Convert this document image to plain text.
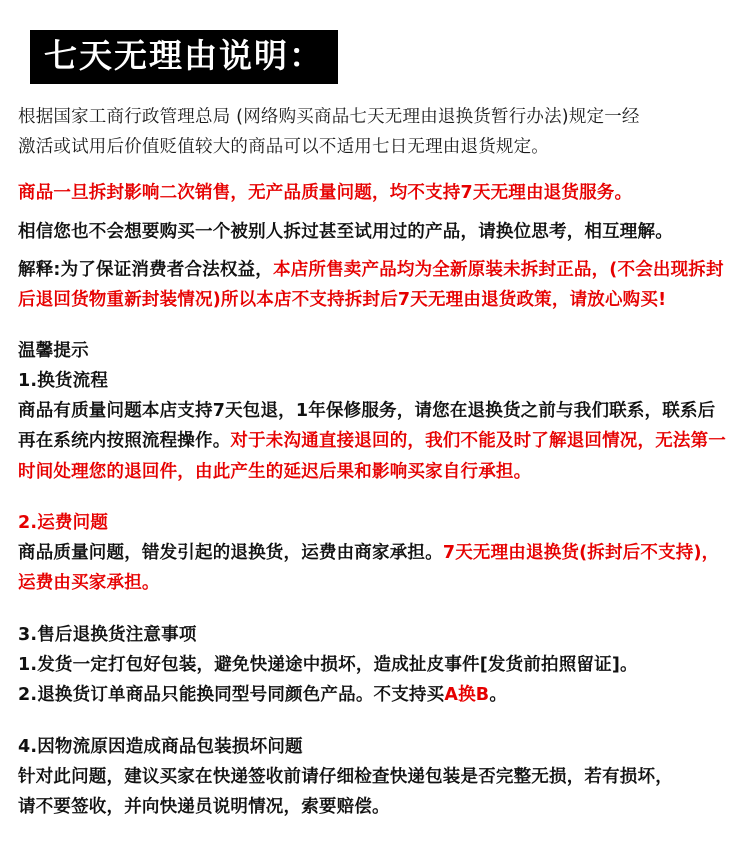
七天无理由说明：

根据国家工商行政管理总局 (网络购买商品七天无理由退换货暂行办法)规定一经

激活或试用后价值贬值较大的商品可以不适用七日无理由退货规定。

商品一旦拆封影响二次销售，无产品质量问题，均不支持7天无理由退货服务。

相信您也不会想要购买一个被别人拆过甚至试用过的产品，请换位思考，相互理解。

解释:为了保证消费者合法权益，本店所售卖产品均为全新原装未拆封正品，(不会出现拆封后退回货物重新封装情况)所以本店不支持拆封后7天无理由退货政策，请放心购买!

温馨提示

1.换货流程

商品有质量问题本店支持7天包退，1年保修服务，请您在退换货之前与我们联系，联系后再在系统内按照流程操作。对于未沟通直接退回的，我们不能及时了解退回情况，无法第一时间处理您的退回件，由此产生的延迟后果和影响买家自行承担。

2.运费问题

商品质量问题，错发引起的退换货，运费由商家承担。7天无理由退换货(拆封后不支持)，运费由买家承担。

3.售后退换货注意事项

1.发货一定打包好包装，避免快递途中损坏，造成扯皮事件[发货前拍照留证]。

2.退换货订单商品只能换同型号同颜色产品。不支持买A换B。

4.因物流原因造成商品包装损坏问题

针对此问题，建议买家在快递签收前请仔细检查快递包装是否完整无损，若有损坏，

请不要签收，并向快递员说明情况，索要赔偿。
